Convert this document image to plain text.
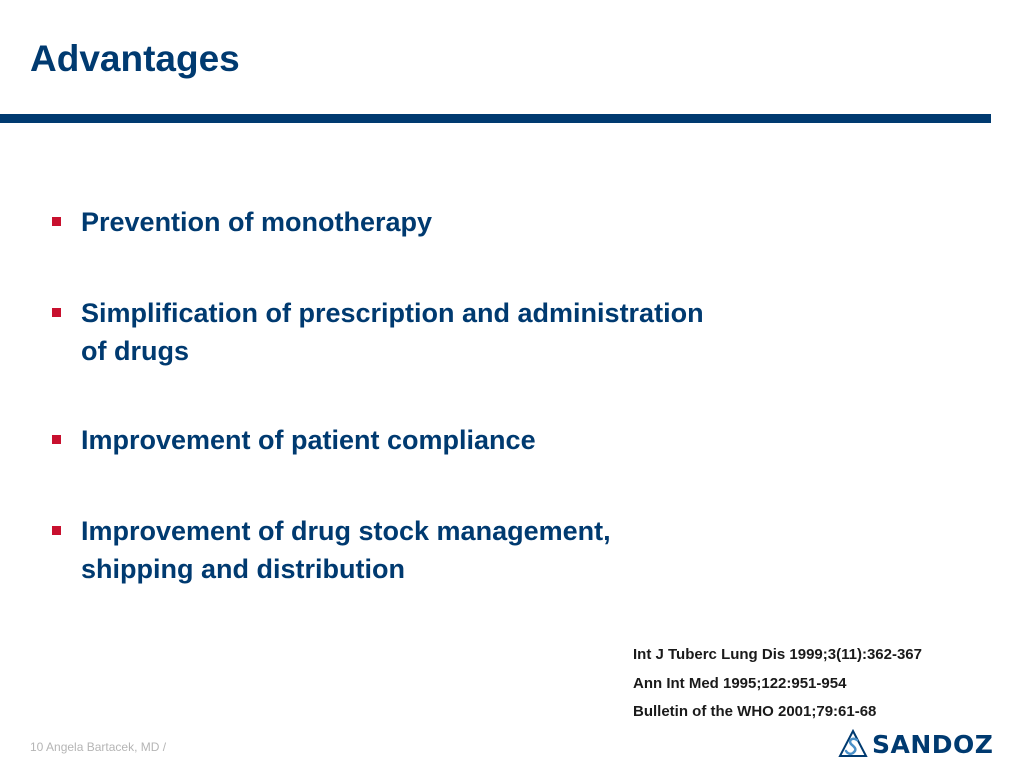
Advantages
Prevention of monotherapy
Simplification of prescription and administration
of drugs
Improvement of patient compliance
Improvement of drug stock management,
shipping and distribution
Int J Tuberc Lung Dis 1999;3(11):362-367
Ann Int Med 1995;122:951-954
Bulletin of the WHO 2001;79:61-68
10 Angela Bartacek, MD /	SANDOZ
